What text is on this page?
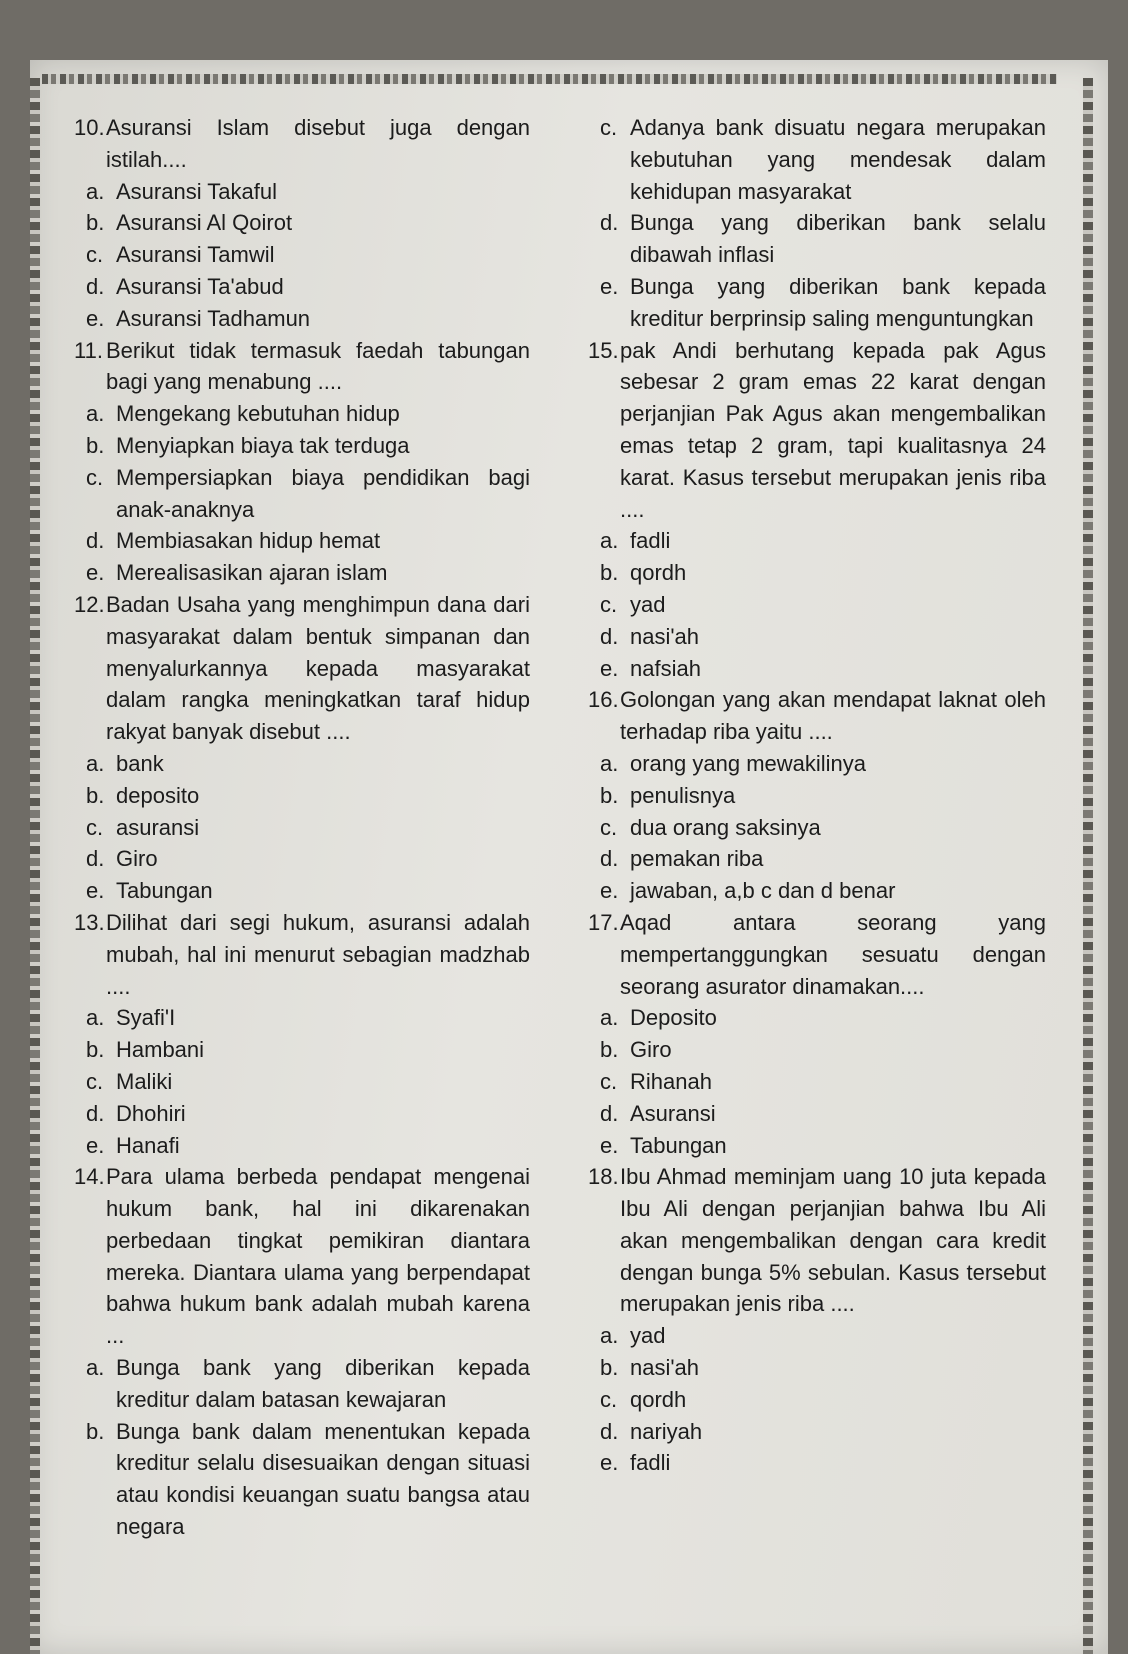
10. Asuransi Islam disebut juga dengan istilah....
a. Asuransi Takaful
b. Asuransi Al Qoirot
c. Asuransi Tamwil
d. Asuransi Ta'abud
e. Asuransi Tadhamun
11. Berikut tidak termasuk faedah tabungan bagi yang menabung ....
a. Mengekang kebutuhan hidup
b. Menyiapkan biaya tak terduga
c. Mempersiapkan biaya pendidikan bagi anak-anaknya
d. Membiasakan hidup hemat
e. Merealisasikan ajaran islam
12. Badan Usaha yang menghimpun dana dari masyarakat dalam bentuk simpanan dan menyalurkannya kepada masyarakat dalam rangka meningkatkan taraf hidup rakyat banyak disebut ....
a. bank
b. deposito
c. asuransi
d. Giro
e. Tabungan
13. Dilihat dari segi hukum, asuransi adalah mubah, hal ini menurut sebagian madzhab ....
a. Syafi'I
b. Hambani
c. Maliki
d. Dhohiri
e. Hanafi
14. Para ulama berbeda pendapat mengenai hukum bank, hal ini dikarenakan perbedaan tingkat pemikiran diantara mereka. Diantara ulama yang berpendapat bahwa hukum bank adalah mubah karena ...
a. Bunga bank yang diberikan kepada kreditur dalam batasan kewajaran
b. Bunga bank dalam menentukan kepada kreditur selalu disesuaikan dengan situasi atau kondisi keuangan suatu bangsa atau negara
c. Adanya bank disuatu negara merupakan kebutuhan yang mendesak dalam kehidupan masyarakat
d. Bunga yang diberikan bank selalu dibawah inflasi
e. Bunga yang diberikan bank kepada kreditur berprinsip saling menguntungkan
15. pak Andi berhutang kepada pak Agus sebesar 2 gram emas 22 karat dengan perjanjian Pak Agus akan mengembalikan emas tetap 2 gram, tapi kualitasnya 24 karat. Kasus tersebut merupakan jenis riba ....
a. fadli
b. qordh
c. yad
d. nasi'ah
e. nafsiah
16. Golongan yang akan mendapat laknat oleh terhadap riba yaitu ....
a. orang yang mewakilinya
b. penulisnya
c. dua orang saksinya
d. pemakan riba
e. jawaban, a,b c dan d benar
17. Aqad antara seorang yang mempertanggungkan sesuatu dengan seorang asurator dinamakan....
a. Deposito
b. Giro
c. Rihanah
d. Asuransi
e. Tabungan
18. Ibu Ahmad meminjam uang 10 juta kepada Ibu Ali dengan perjanjian bahwa Ibu Ali akan mengembalikan dengan cara kredit dengan bunga 5% sebulan. Kasus tersebut merupakan jenis riba ....
a. yad
b. nasi'ah
c. qordh
d. nariyah
e. fadli
